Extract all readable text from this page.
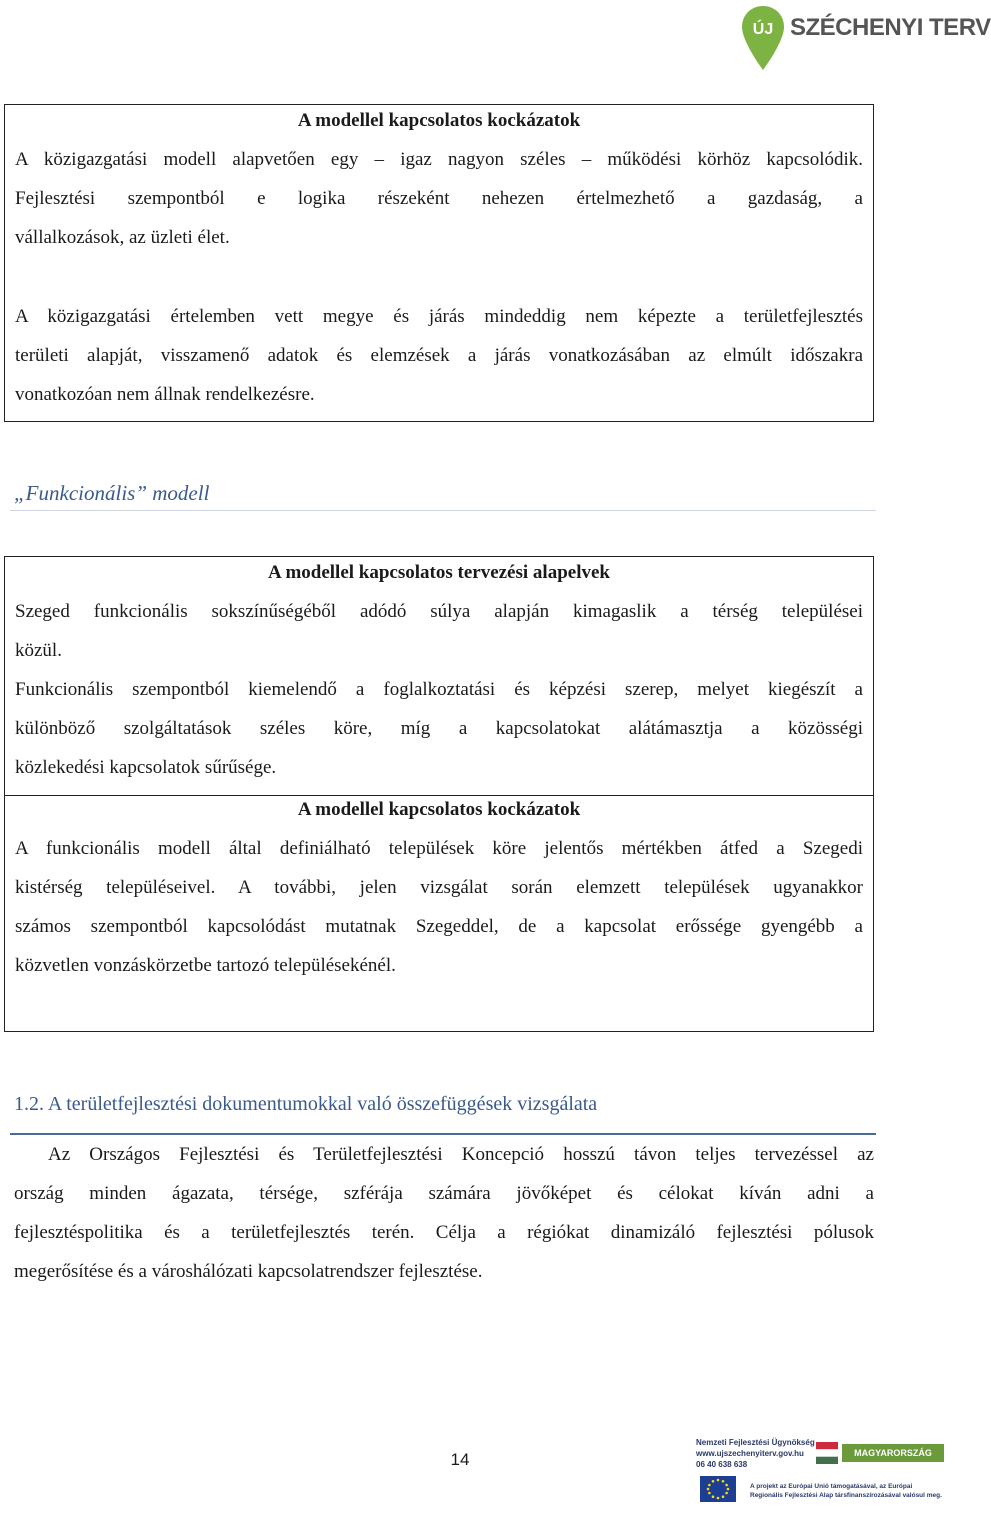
ÚJ SZÉCHENYI TERV
A modellel kapcsolatos kockázatok
A közigazgatási modell alapvetően egy – igaz nagyon széles – működési körhöz kapcsolódik.
Fejlesztési szempontból e logika részeként nehezen értelmezhető a gazdaság, a
vállalkozások, az üzleti élet.
A közigazgatási értelemben vett megye és járás mindeddig nem képezte a területfejlesztés
területi alapját, visszamenő adatok és elemzések a járás vonatkozásában az elmúlt időszakra
vonatkozóan nem állnak rendelkezésre.
„Funkcionális” modell
A modellel kapcsolatos tervezési alapelvek
Szeged funkcionális sokszínűségéből adódó súlya alapján kimagaslik a térség települései
közül.
Funkcionális szempontból kiemelendő a foglalkoztatási és képzési szerep, melyet kiegészít a
különböző szolgáltatások széles köre, míg a kapcsolatokat alátámasztja a közösségi
közlekedési kapcsolatok sűrűsége.
A modellel kapcsolatos kockázatok
A funkcionális modell által definiálható települések köre jelentős mértékben átfed a Szegedi
kistérség településeivel. A további, jelen vizsgálat során elemzett települések ugyanakkor
számos szempontból kapcsolódást mutatnak Szegeddel, de a kapcsolat erőssége gyengébb a
közvetlen vonzáskörzetbe tartozó településekénél.
1.2. A területfejlesztési dokumentumokkal való összefüggések vizsgálata
Az Országos Fejlesztési és Területfejlesztési Koncepció hosszú távon teljes tervezéssel az
ország minden ágazata, térsége, szférája számára jövőképet és célokat kíván adni a
fejlesztéspolitika és a területfejlesztés terén. Célja a régiókat dinamizáló fejlesztési pólusok
megerősítése és a városhálózati kapcsolatrendszer fejlesztése.
14
Nemzeti Fejlesztési Ügynökség
www.ujszechenyiterv.gov.hu
06 40 638 638
MAGYARORSZÁG MEGÚJUL
A projekt az Európai Unió támogatásával, az Európai
Regionális Fejlesztési Alap társfinanszírozásával valósul meg.
